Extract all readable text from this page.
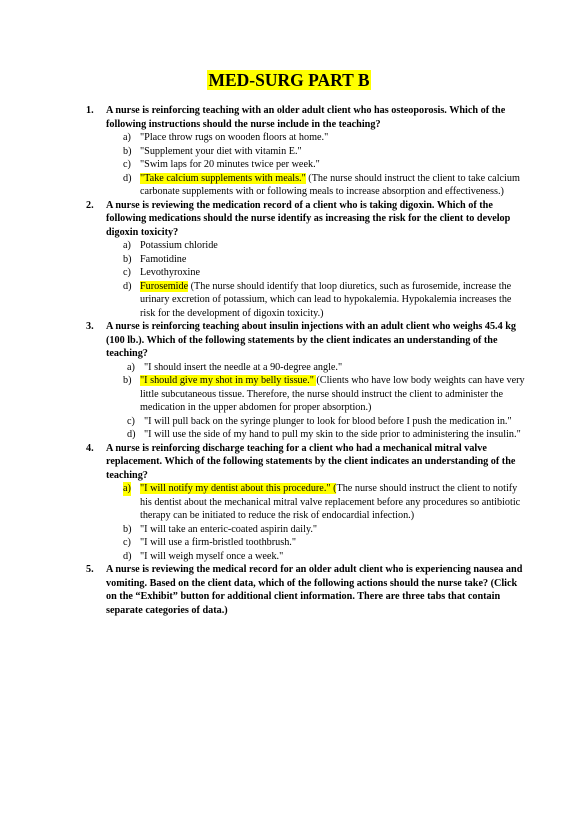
MED-SURG PART B
1. A nurse is reinforcing teaching with an older adult client who has osteoporosis. Which of the following instructions should the nurse include in the teaching?
a) "Place throw rugs on wooden floors at home."
b) "Supplement your diet with vitamin E."
c) "Swim laps for 20 minutes twice per week."
d) "Take calcium supplements with meals." (The nurse should instruct the client to take calcium carbonate supplements with or following meals to increase absorption and effectiveness.)
2. A nurse is reviewing the medication record of a client who is taking digoxin. Which of the following medications should the nurse identify as increasing the risk for the client to develop digoxin toxicity?
a) Potassium chloride
b) Famotidine
c) Levothyroxine
d) Furosemide (The nurse should identify that loop diuretics, such as furosemide, increase the urinary excretion of potassium, which can lead to hypokalemia. Hypokalemia increases the risk for the development of digoxin toxicity.)
3. A nurse is reinforcing teaching about insulin injections with an adult client who weighs 45.4 kg (100 lb.). Which of the following statements by the client indicates an understanding of the teaching?
a) "I should insert the needle at a 90-degree angle."
b) "I should give my shot in my belly tissue." (Clients who have low body weights can have very little subcutaneous tissue. Therefore, the nurse should instruct the client to administer the medication in the upper abdomen for proper absorption.)
c) "I will pull back on the syringe plunger to look for blood before I push the medication in."
d) "I will use the side of my hand to pull my skin to the side prior to administering the insulin."
4. A nurse is reinforcing discharge teaching for a client who had a mechanical mitral valve replacement. Which of the following statements by the client indicates an understanding of the teaching?
a) "I will notify my dentist about this procedure." (The nurse should instruct the client to notify his dentist about the mechanical mitral valve replacement before any procedures so antibiotic therapy can be initiated to reduce the risk of endocardial infection.)
b) "I will take an enteric-coated aspirin daily."
c) "I will use a firm-bristled toothbrush."
d) "I will weigh myself once a week."
5. A nurse is reviewing the medical record for an older adult client who is experiencing nausea and vomiting. Based on the client data, which of the following actions should the nurse take? (Click on the “Exhibit” button for additional client information. There are three tabs that contain separate categories of data.)
